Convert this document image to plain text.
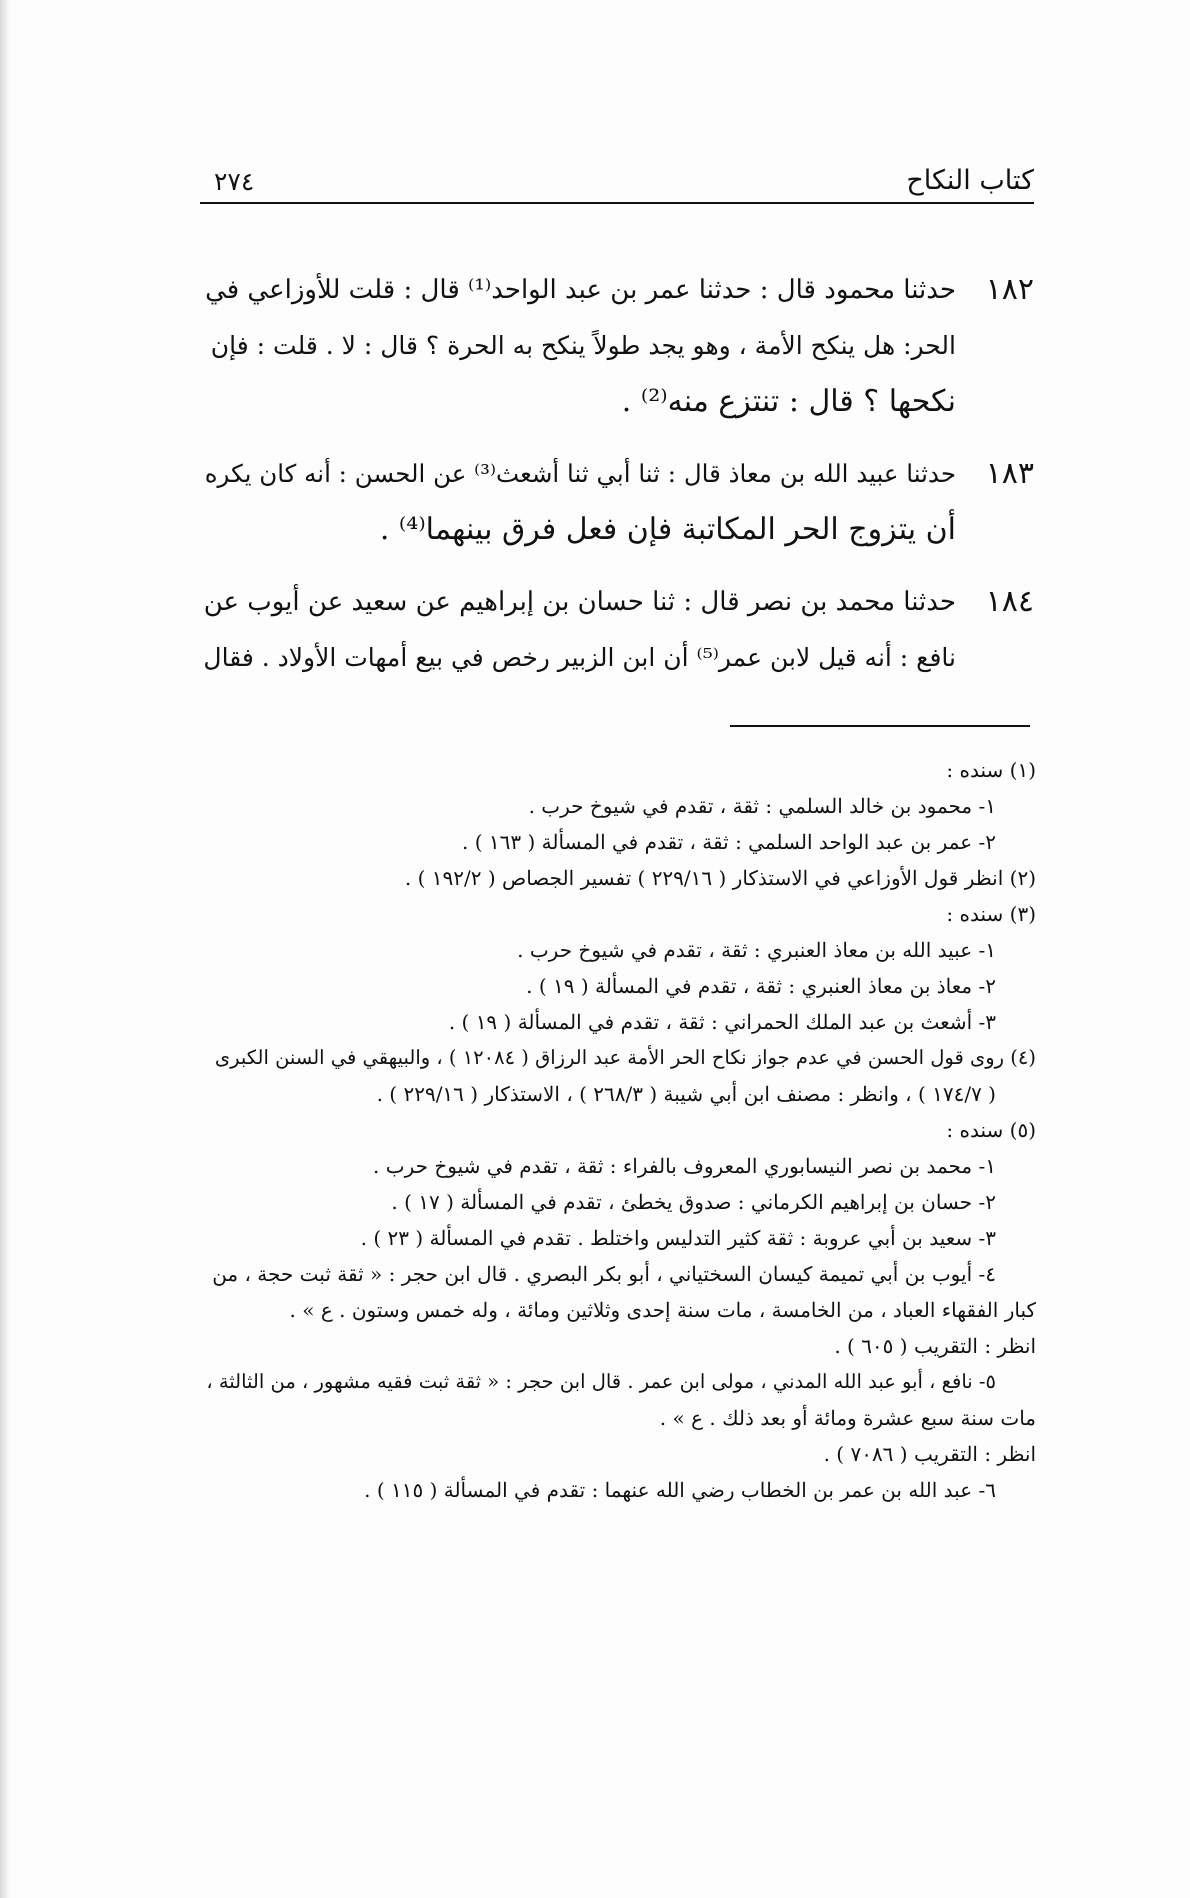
كتاب النكاح
٢٧٤
١٨٢
حدثنا محمود قال : حدثنا عمر بن عبد الواحد⁽¹⁾ قال : قلت للأوزاعي في
الحر: هل ينكح الأمة ، وهو يجد طولاً ينكح به الحرة ؟ قال : لا . قلت : فإن
نكحها ؟ قال : تنتزع منه⁽²⁾ .
١٨٣
حدثنا عبيد الله بن معاذ قال : ثنا أبي ثنا أشعث⁽³⁾ عن الحسن : أنه كان يكره
أن يتزوج الحر المكاتبة فإن فعل فرق بينهما⁽⁴⁾ .
١٨٤
حدثنا محمد بن نصر قال : ثنا حسان بن إبراهيم عن سعيد عن أيوب عن
نافع : أنه قيل لابن عمر⁽⁵⁾ أن ابن الزبير رخص في بيع أمهات الأولاد . فقال
(١) سنده :
١- محمود بن خالد السلمي : ثقة ، تقدم في شيوخ حرب .
٢- عمر بن عبد الواحد السلمي : ثقة ، تقدم في المسألة ( ١٦٣ ) .
(٢) انظر قول الأوزاعي في الاستذكار ( ٢٢٩/١٦ ) تفسير الجصاص ( ١٩٢/٢ ) .
(٣) سنده :
١- عبيد الله بن معاذ العنبري : ثقة ، تقدم في شيوخ حرب .
٢- معاذ بن معاذ العنبري : ثقة ، تقدم في المسألة ( ١٩ ) .
٣- أشعث بن عبد الملك الحمراني : ثقة ، تقدم في المسألة ( ١٩ ) .
(٤) روى قول الحسن في عدم جواز نكاح الحر الأمة عبد الرزاق ( ١٢٠٨٤ ) ، والبيهقي في السنن الكبرى
( ١٧٤/٧ ) ، وانظر : مصنف ابن أبي شيبة ( ٢٦٨/٣ ) ، الاستذكار ( ٢٢٩/١٦ ) .
(٥) سنده :
١- محمد بن نصر النيسابوري المعروف بالفراء : ثقة ، تقدم في شيوخ حرب .
٢- حسان بن إبراهيم الكرماني : صدوق يخطئ ، تقدم في المسألة ( ١٧ ) .
٣- سعيد بن أبي عروبة : ثقة كثير التدليس واختلط . تقدم في المسألة ( ٢٣ ) .
٤- أيوب بن أبي تميمة كيسان السختياني ، أبو بكر البصري . قال ابن حجر : « ثقة ثبت حجة ، من
كبار الفقهاء العباد ، من الخامسة ، مات سنة إحدى وثلاثين ومائة ، وله خمس وستون . ع » .
انظر : التقريب ( ٦٠٥ ) .
٥- نافع ، أبو عبد الله المدني ، مولى ابن عمر . قال ابن حجر : « ثقة ثبت فقيه مشهور ، من الثالثة ،
مات سنة سبع عشرة ومائة أو بعد ذلك . ع » .
انظر : التقريب ( ٧٠٨٦ ) .
٦- عبد الله بن عمر بن الخطاب رضي الله عنهما : تقدم في المسألة ( ١١٥ ) .
